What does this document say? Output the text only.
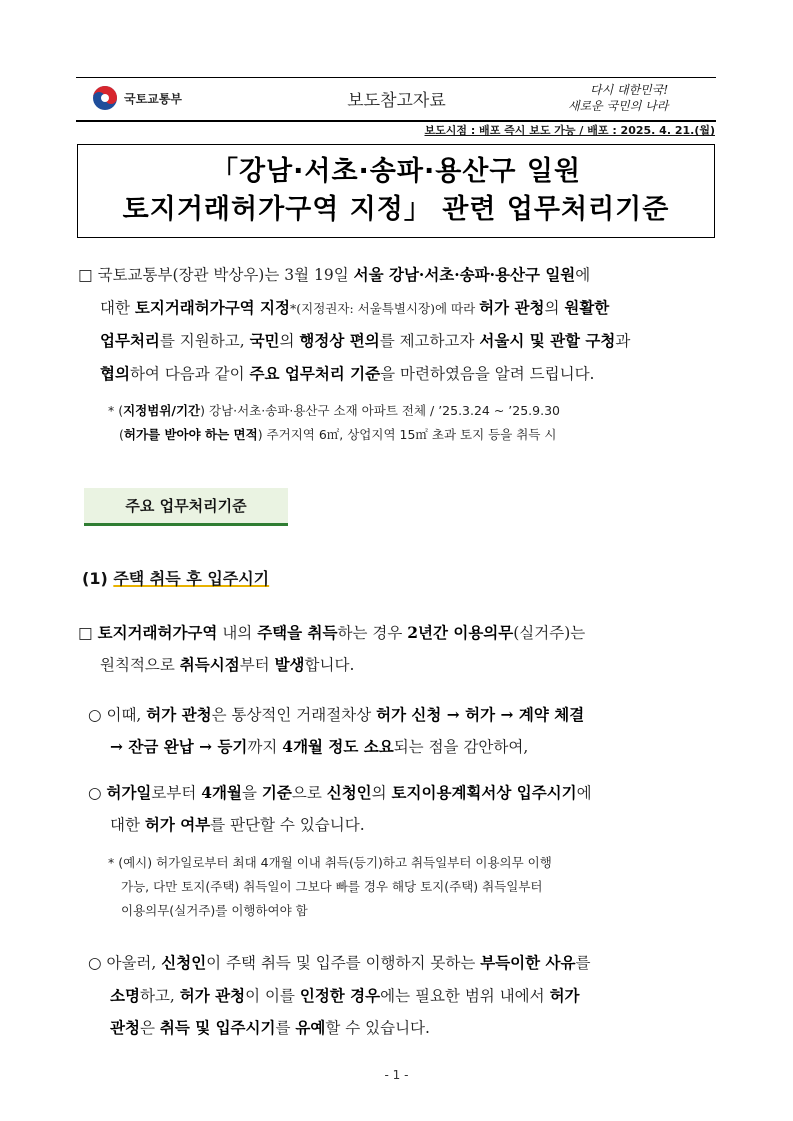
국토교통부	보도참고자료
다시 대한민국!
새로운 국민의 나라
보도시점 : 배포 즉시 보도 가능 / 배포 : 2025. 4. 21.(월)
「강남·서초·송파·용산구 일원
토지거래허가구역 지정」 관련 업무처리기준
□ 국토교통부(장관 박상우)는 3월 19일 서울 강남·서초·송파·용산구 일원에
대한 토지거래허가구역 지정*(지정권자: 서울특별시장)에 따라 허가 관청의 원활한
업무처리를 지원하고, 국민의 행정상 편의를 제고하고자 서울시 및 관할 구청과
협의하여 다음과 같이 주요 업무처리 기준을 마련하였음을 알려 드립니다.
* (지정범위/기간) 강남·서초·송파·용산구 소재 아파트 전체 / ’25.3.24 ~ ’25.9.30
(허가를 받아야 하는 면적) 주거지역 6㎡, 상업지역 15㎡ 초과 토지 등을 취득 시
주요 업무처리기준
(1) 주택 취득 후 입주시기
□ 토지거래허가구역 내의 주택을 취득하는 경우 2년간 이용의무(실거주)는
원칙적으로 취득시점부터 발생합니다.
○ 이때, 허가 관청은 통상적인 거래절차상 허가 신청 → 허가 → 계약 체결
→ 잔금 완납 → 등기까지 4개월 정도 소요되는 점을 감안하여,
○ 허가일로부터 4개월을 기준으로 신청인의 토지이용계획서상 입주시기에
대한 허가 여부를 판단할 수 있습니다.
* (예시) 허가일로부터 최대 4개월 이내 취득(등기)하고 취득일부터 이용의무 이행
가능, 다만 토지(주택) 취득일이 그보다 빠를 경우 해당 토지(주택) 취득일부터
이용의무(실거주)를 이행하여야 함
○ 아울러, 신청인이 주택 취득 및 입주를 이행하지 못하는 부득이한 사유를
소명하고, 허가 관청이 이를 인정한 경우에는 필요한 범위 내에서 허가
관청은 취득 및 입주시기를 유예할 수 있습니다.
- 1 -
